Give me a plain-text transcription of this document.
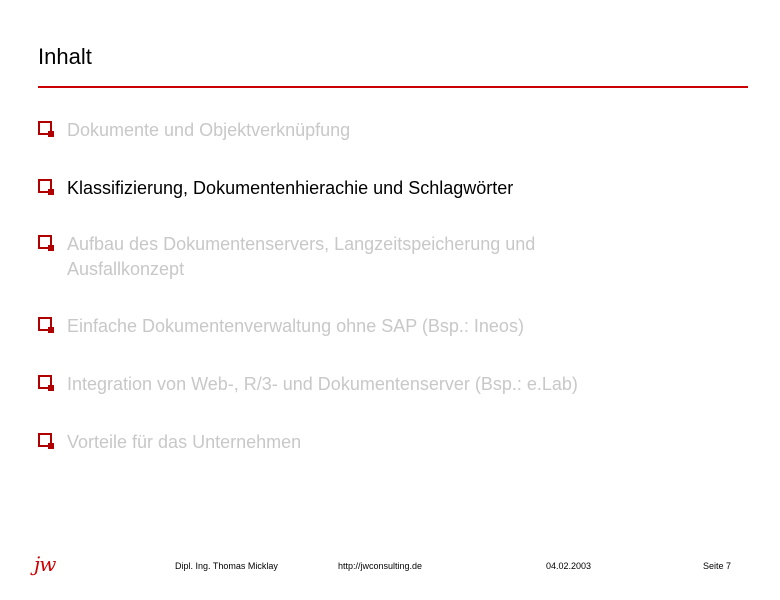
Inhalt
Dokumente und Objektverknüpfung
Klassifizierung, Dokumentenhierachie und Schlagwörter
Aufbau des Dokumentenservers, Langzeitspeicherung und Ausfallkonzept
Einfache Dokumentenverwaltung ohne SAP (Bsp.: Ineos)
Integration von Web-, R/3- und Dokumentenserver (Bsp.: e.Lab)
Vorteile für das Unternehmen
jw	Dipl. Ing. Thomas Micklay	http://jwconsulting.de	04.02.2003	Seite 7
